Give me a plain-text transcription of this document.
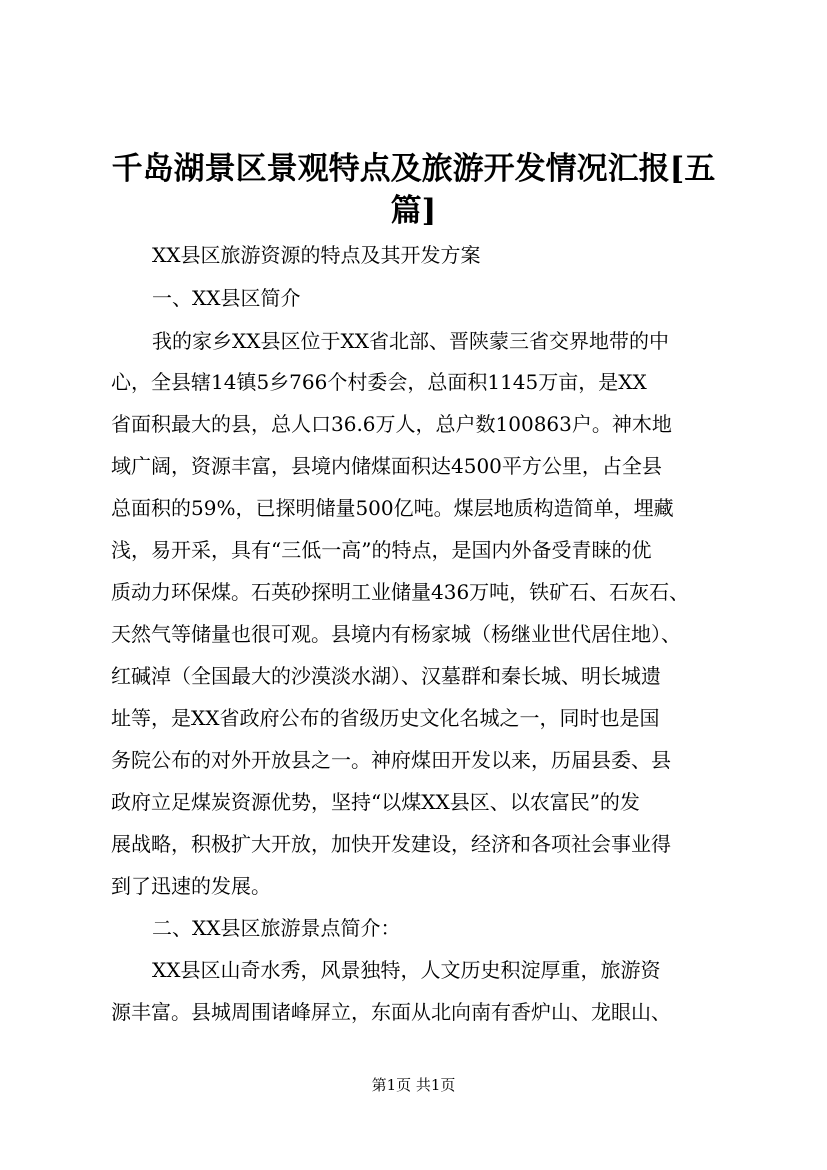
千岛湖景区景观特点及旅游开发情况汇报[五
篇]

XX县区旅游资源的特点及其开发方案

一、XX县区简介

我的家乡XX县区位于XX省北部、晋陕蒙三省交界地带的中

心，全县辖14镇5乡766个村委会，总面积1145万亩，是XX

省面积最大的县，总人口36.6万人，总户数100863户。神木地

域广阔，资源丰富，县境内储煤面积达4500平方公里，占全县

总面积的59%，已探明储量500亿吨。煤层地质构造简单，埋藏

浅，易开采，具有“三低一高”的特点，是国内外备受青睐的优

质动力环保煤。石英砂探明工业储量436万吨，铁矿石、石灰石、

天然气等储量也很可观。县境内有杨家城（杨继业世代居住地）、

红碱淖（全国最大的沙漠淡水湖）、汉墓群和秦长城、明长城遗

址等，是XX省政府公布的省级历史文化名城之一，同时也是国

务院公布的对外开放县之一。神府煤田开发以来，历届县委、县

政府立足煤炭资源优势，坚持“以煤XX县区、以农富民”的发

展战略，积极扩大开放，加快开发建设，经济和各项社会事业得

到了迅速的发展。

二、XX县区旅游景点简介：

XX县区山奇水秀，风景独特，人文历史积淀厚重，旅游资

源丰富。县城周围诸峰屏立，东面从北向南有香炉山、龙眼山、

第1页 共1页
